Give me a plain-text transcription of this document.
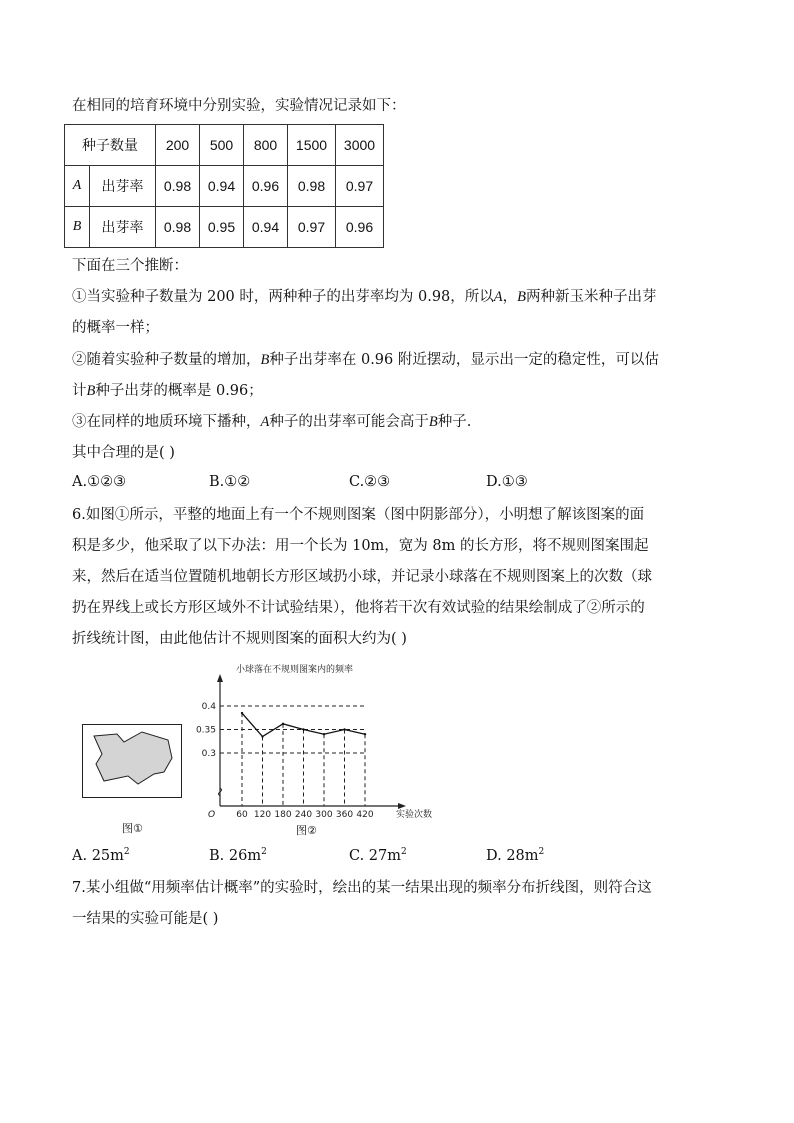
在相同的培育环境中分别实验，实验情况记录如下：
种子数量		200	500	800	1500	3000
A	出芽率	0.98	0.94	0.96	0.98	0.97
B	出芽率	0.98	0.95	0.94	0.97	0.96
下面在三个推断：
①当实验种子数量为 200 时，两种种子的出芽率均为 0.98，所以A，B两种新玉米种子出芽
的概率一样；
②随着实验种子数量的增加，B种子出芽率在 0.96 附近摆动，显示出一定的稳定性，可以估
计B种子出芽的概率是 0.96；
③在同样的地质环境下播种，A种子的出芽率可能会高于B种子.
其中合理的是( )
A.①②③	B.①②	C.②③	D.①③
6.如图①所示，平整的地面上有一个不规则图案（图中阴影部分），小明想了解该图案的面
积是多少，他采取了以下办法：用一个长为 10m，宽为 8m 的长方形，将不规则图案围起
来，然后在适当位置随机地朝长方形区域扔小球，并记录小球落在不规则图案上的次数（球
扔在界线上或长方形区域外不计试验结果），他将若干次有效试验的结果绘制成了②所示的
折线统计图，由此他估计不规则图案的面积大约为( )
图①
小球落在不规则图案内的频率
0.4
0.35
0.3
60 120 180 240 300 360 420
O	实验次数
图②
A. $25m^2$	B. $26m^2$	C. $27m^2$	D. $28m^2$
7.某小组做“用频率估计概率”的实验时，绘出的某一结果出现的频率分布折线图，则符合这
一结果的实验可能是( )
